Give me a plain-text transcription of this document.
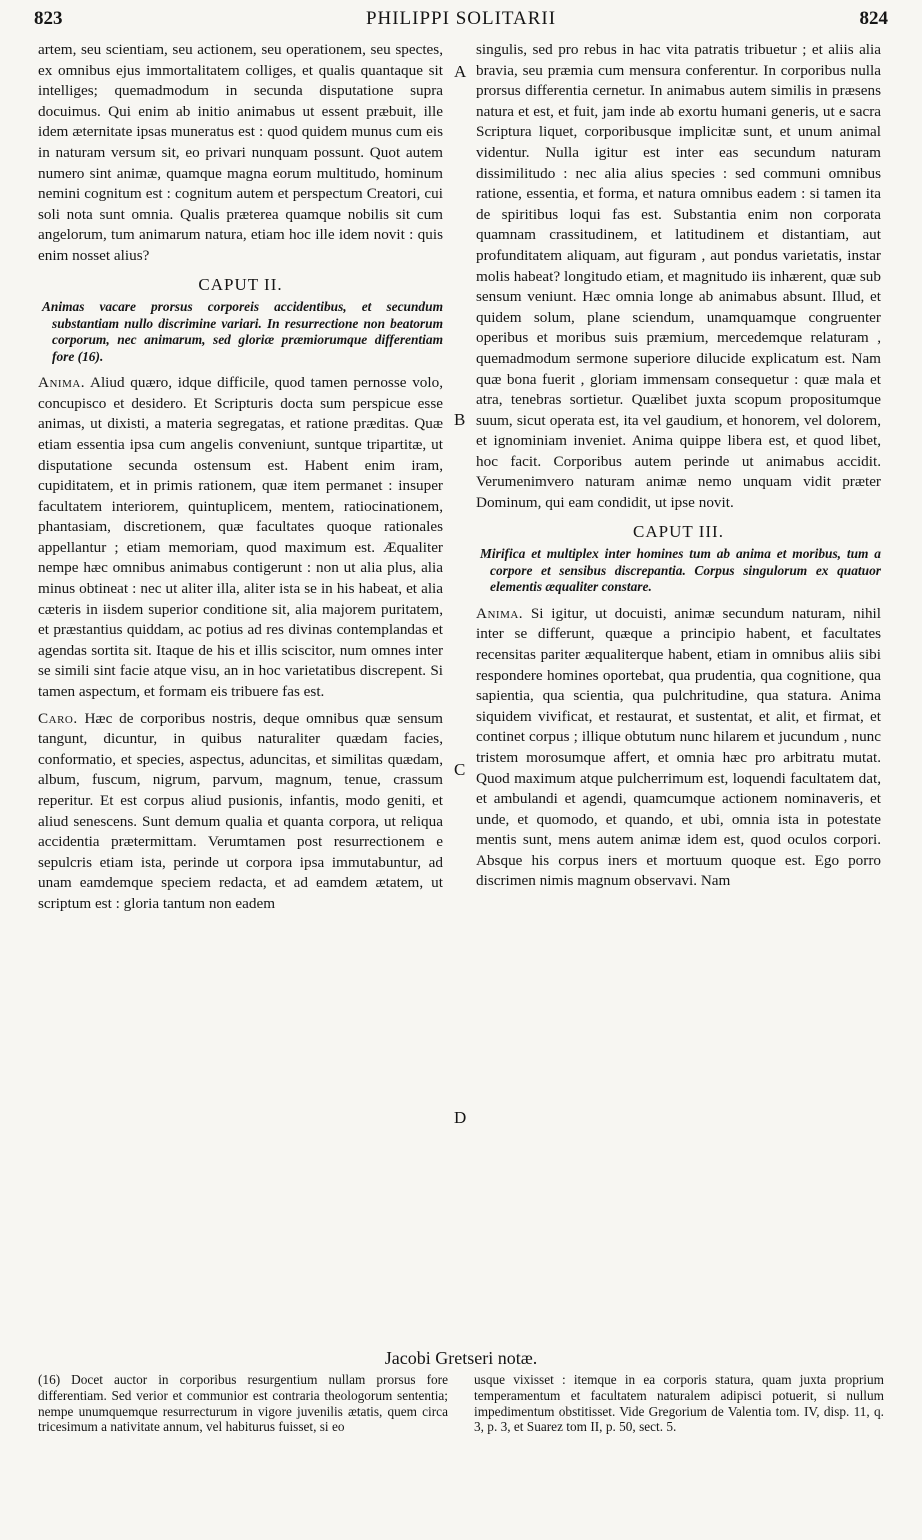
823	PHILIPPI SOLITARII	824
A
B
C
D

artem, seu scientiam, seu actionem, seu operationem, seu spectes, ex omnibus ejus immortalitatem colliges, et qualis quantaque sit intelliges; quemadmodum in secunda disputatione supra docuimus. Qui enim ab initio animabus ut essent præbuit, ille idem æternitate ipsas muneratus est : quod quidem munus cum eis in naturam versum sit, eo privari nunquam possunt. Quot autem numero sint animæ, quamque magna eorum multitudo, hominum nemini cognitum est : cognitum autem et perspectum Creatori, cui soli nota sunt omnia. Qualis præterea quamque nobilis sit cum angelorum, tum animarum natura, etiam hoc ille idem novit : quis enim nosset alius?

CAPUT II.
Animas vacare prorsus corporeis accidentibus, et secundum substantiam nullo discrimine variari. In resurrectione non beatorum corporum, nec animarum, sed gloriæ præmiorumque differentiam fore (16).

Anima. Aliud quæro, idque difficile, quod tamen pernosse volo, concupisco et desidero. Et Scripturis docta sum perspicue esse animas, ut dixisti, a materia segregatas, et ratione præditas. Quæ etiam essentia ipsa cum angelis conveniunt, suntque tripartitæ, ut disputatione secunda ostensum est. Habent enim iram, cupiditatem, et in primis rationem, quæ item permanet : insuper facultatem interiorem, quintuplicem, mentem, ratiocinationem, phantasiam, discretionem, quæ facultates quoque rationales appellantur ; etiam memoriam, quod maximum est. Æqualiter nempe hæc omnibus animabus contigerunt : non ut alia plus, alia minus obtineat : nec ut aliter illa, aliter ista se in his habeat, et alia cæteris in iisdem superior conditione sit, alia majorem puritatem, et præstantius quiddam, ac potius ad res divinas contemplandas et agendas sortita sit. Itaque de his et illis sciscitor, num omnes inter se simili sint facie atque visu, an in hoc varietatibus discrepent. Si tamen aspectum, et formam eis tribuere fas est.

Caro. Hæc de corporibus nostris, deque omnibus quæ sensum tangunt, dicuntur, in quibus naturaliter quædam facies, conformatio, et species, aspectus, aduncitas, et similitas quædam, album, fuscum, nigrum, parvum, magnum, tenue, crassum reperitur. Et est corpus aliud pusionis, infantis, modo geniti, et aliud senescens. Sunt demum qualia et quanta corpora, ut reliqua accidentia prætermittam. Verumtamen post resurrectionem e sepulcris etiam ista, perinde ut corpora ipsa immutabuntur, ad unam eamdemque speciem redacta, et ad eamdem ætatem, ut scriptum est : gloria tantum non eadem

singulis, sed pro rebus in hac vita patratis tribuetur ; et aliis alia bravia, seu præmia cum mensura conferentur. In corporibus nulla prorsus differentia cernetur. In animabus autem similis in præsens natura et est, et fuit, jam inde ab exortu humani generis, ut e sacra Scriptura liquet, corporibusque implicitæ sunt, et unum animal videntur. Nulla igitur est inter eas secundum naturam dissimilitudo : nec alia alius species : sed communi omnibus ratione, essentia, et forma, et natura omnibus eadem : si tamen ita de spiritibus loqui fas est. Substantia enim non corporata quamnam crassitudinem, et latitudinem et distantiam, aut profunditatem aliquam, aut figuram , aut pondus varietatis, instar molis habeat? longitudo etiam, et magnitudo iis inhærent, quæ sub sensum veniunt. Hæc omnia longe ab animabus absunt. Illud, et quidem solum, plane sciendum, unamquamque congruenter operibus et moribus suis præmium, mercedemque relaturam , quemadmodum sermone superiore dilucide explicatum est. Nam quæ bona fuerit , gloriam immensam consequetur : quæ mala et atra, tenebras sortietur. Quælibet juxta scopum propositumque suum, sicut operata est, ita vel gaudium, et honorem, vel dolorem, et ignominiam inveniet. Anima quippe libera est, et quod libet, hoc facit. Corporibus autem perinde ut animabus accidit. Verumenimvero naturam animæ nemo unquam vidit præter Dominum, qui eam condidit, ut ipse novit.

CAPUT III.
Mirifica et multiplex inter homines tum ab anima et moribus, tum a corpore et sensibus discrepantia. Corpus singulorum ex quatuor elementis æqualiter constare.

Anima. Si igitur, ut docuisti, animæ secundum naturam, nihil inter se differunt, quæque a principio habent, et facultates recensitas pariter æqualiterque habent, etiam in omnibus aliis sibi respondere homines oportebat, qua prudentia, qua cognitione, qua sapientia, qua scientia, qua pulchritudine, qua statura. Anima siquidem vivificat, et restaurat, et sustentat, et alit, et firmat, et continet corpus ; illique obtutum nunc hilarem et jucundum , nunc tristem morosumque affert, et omnia hæc pro arbitratu mutat. Quod maximum atque pulcherrimum est, loquendi facultatem dat, et ambulandi et agendi, quamcumque actionem nominaveris, et unde, et quomodo, et quando, et ubi, omnia ista in potestate mentis sunt, mens autem animæ idem est, quod oculos corpori. Absque his corpus iners et mortuum quoque est. Ego porro discrimen nimis magnum observavi. Nam

Jacobi Gretseri notæ.
(16) Docet auctor in corporibus resurgentium nullam prorsus fore differentiam. Sed verior et communior est contraria theologorum sententia; nempe unumquemque resurrecturum in vigore juvenilis ætatis, quem circa tricesimum a nativitate annum, vel habiturus fuisset, si eo
usque vixisset : itemque in ea corporis statura, quam juxta proprium temperamentum et facultatem naturalem adipisci potuerit, si nullum impedimentum obstitisset. Vide Gregorium de Valentia tom. IV, disp. 11, q. 3, p. 3, et Suarez tom II, p. 50, sect. 5.
